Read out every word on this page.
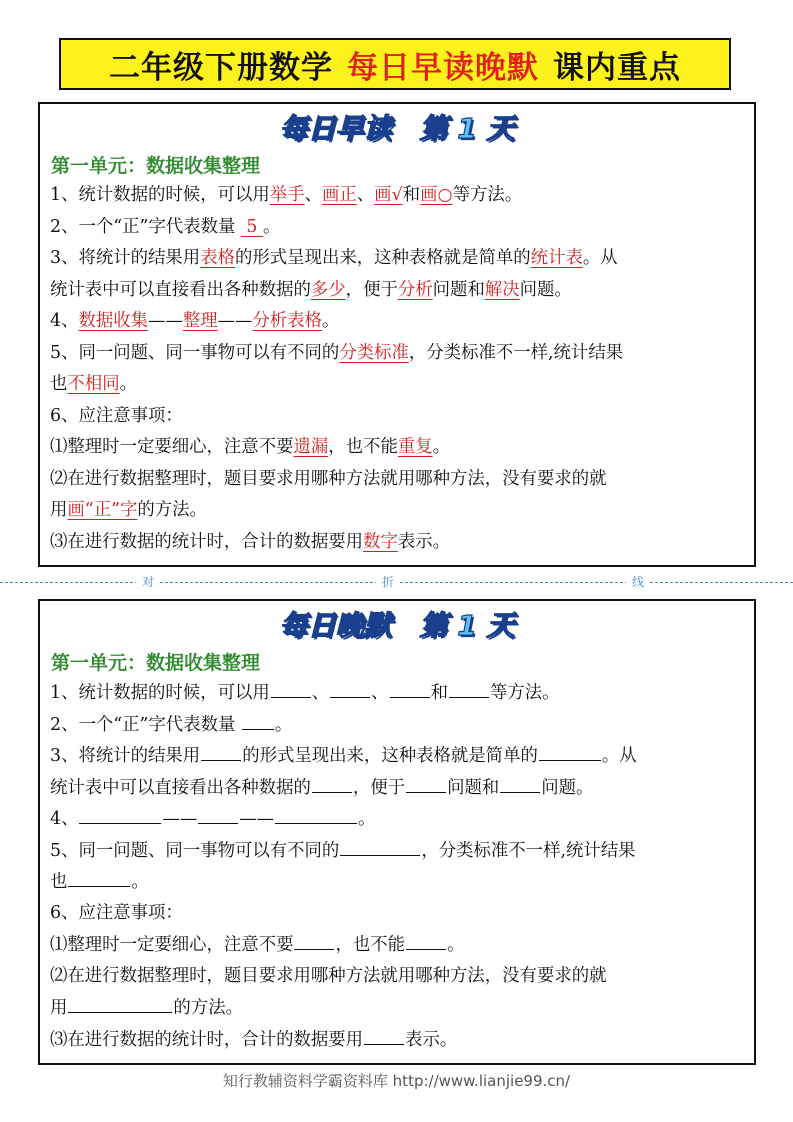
二年级下册数学 每日早读晚默 课内重点
每日早读 第 1 天
第一单元：数据收集整理
1、统计数据的时候，可以用举手、画正、画√和画○等方法。
2、一个“正”字代表数量  5 。
3、将统计的结果用表格的形式呈现出来，这种表格就是简单的统计表。从
统计表中可以直接看出各种数据的多少，便于分析问题和解决问题。
4、数据收集——整理——分析表格。
5、同一问题、同一事物可以有不同的分类标准，分类标准不一样,统计结果
也不相同。
6、应注意事项：
⑴整理时一定要细心，注意不要遗漏，也不能重复。
⑵在进行数据整理时，题目要求用哪种方法就用哪种方法，没有要求的就
用画“正”字的方法。
⑶在进行数据的统计时，合计的数据要用数字表示。
对	折	线
每日晚默 第 1 天
第一单元：数据收集整理
1、统计数据的时候，可以用 、 、 和 等方法。
2、一个“正”字代表数量 。
3、将统计的结果用 的形式呈现出来，这种表格就是简单的	。从
统计表中可以直接看出各种数据的 ，便于 问题和 问题。
4、	—— ——	。
5、同一问题、同一事物可以有不同的	，分类标准不一样,统计结果
也	。
6、应注意事项：
⑴整理时一定要细心，注意不要 ，也不能 。
⑵在进行数据整理时，题目要求用哪种方法就用哪种方法，没有要求的就
用	的方法。
⑶在进行数据的统计时，合计的数据要用 表示。
知行教辅资料学霸资料库 http://www.lianjie99.cn/
